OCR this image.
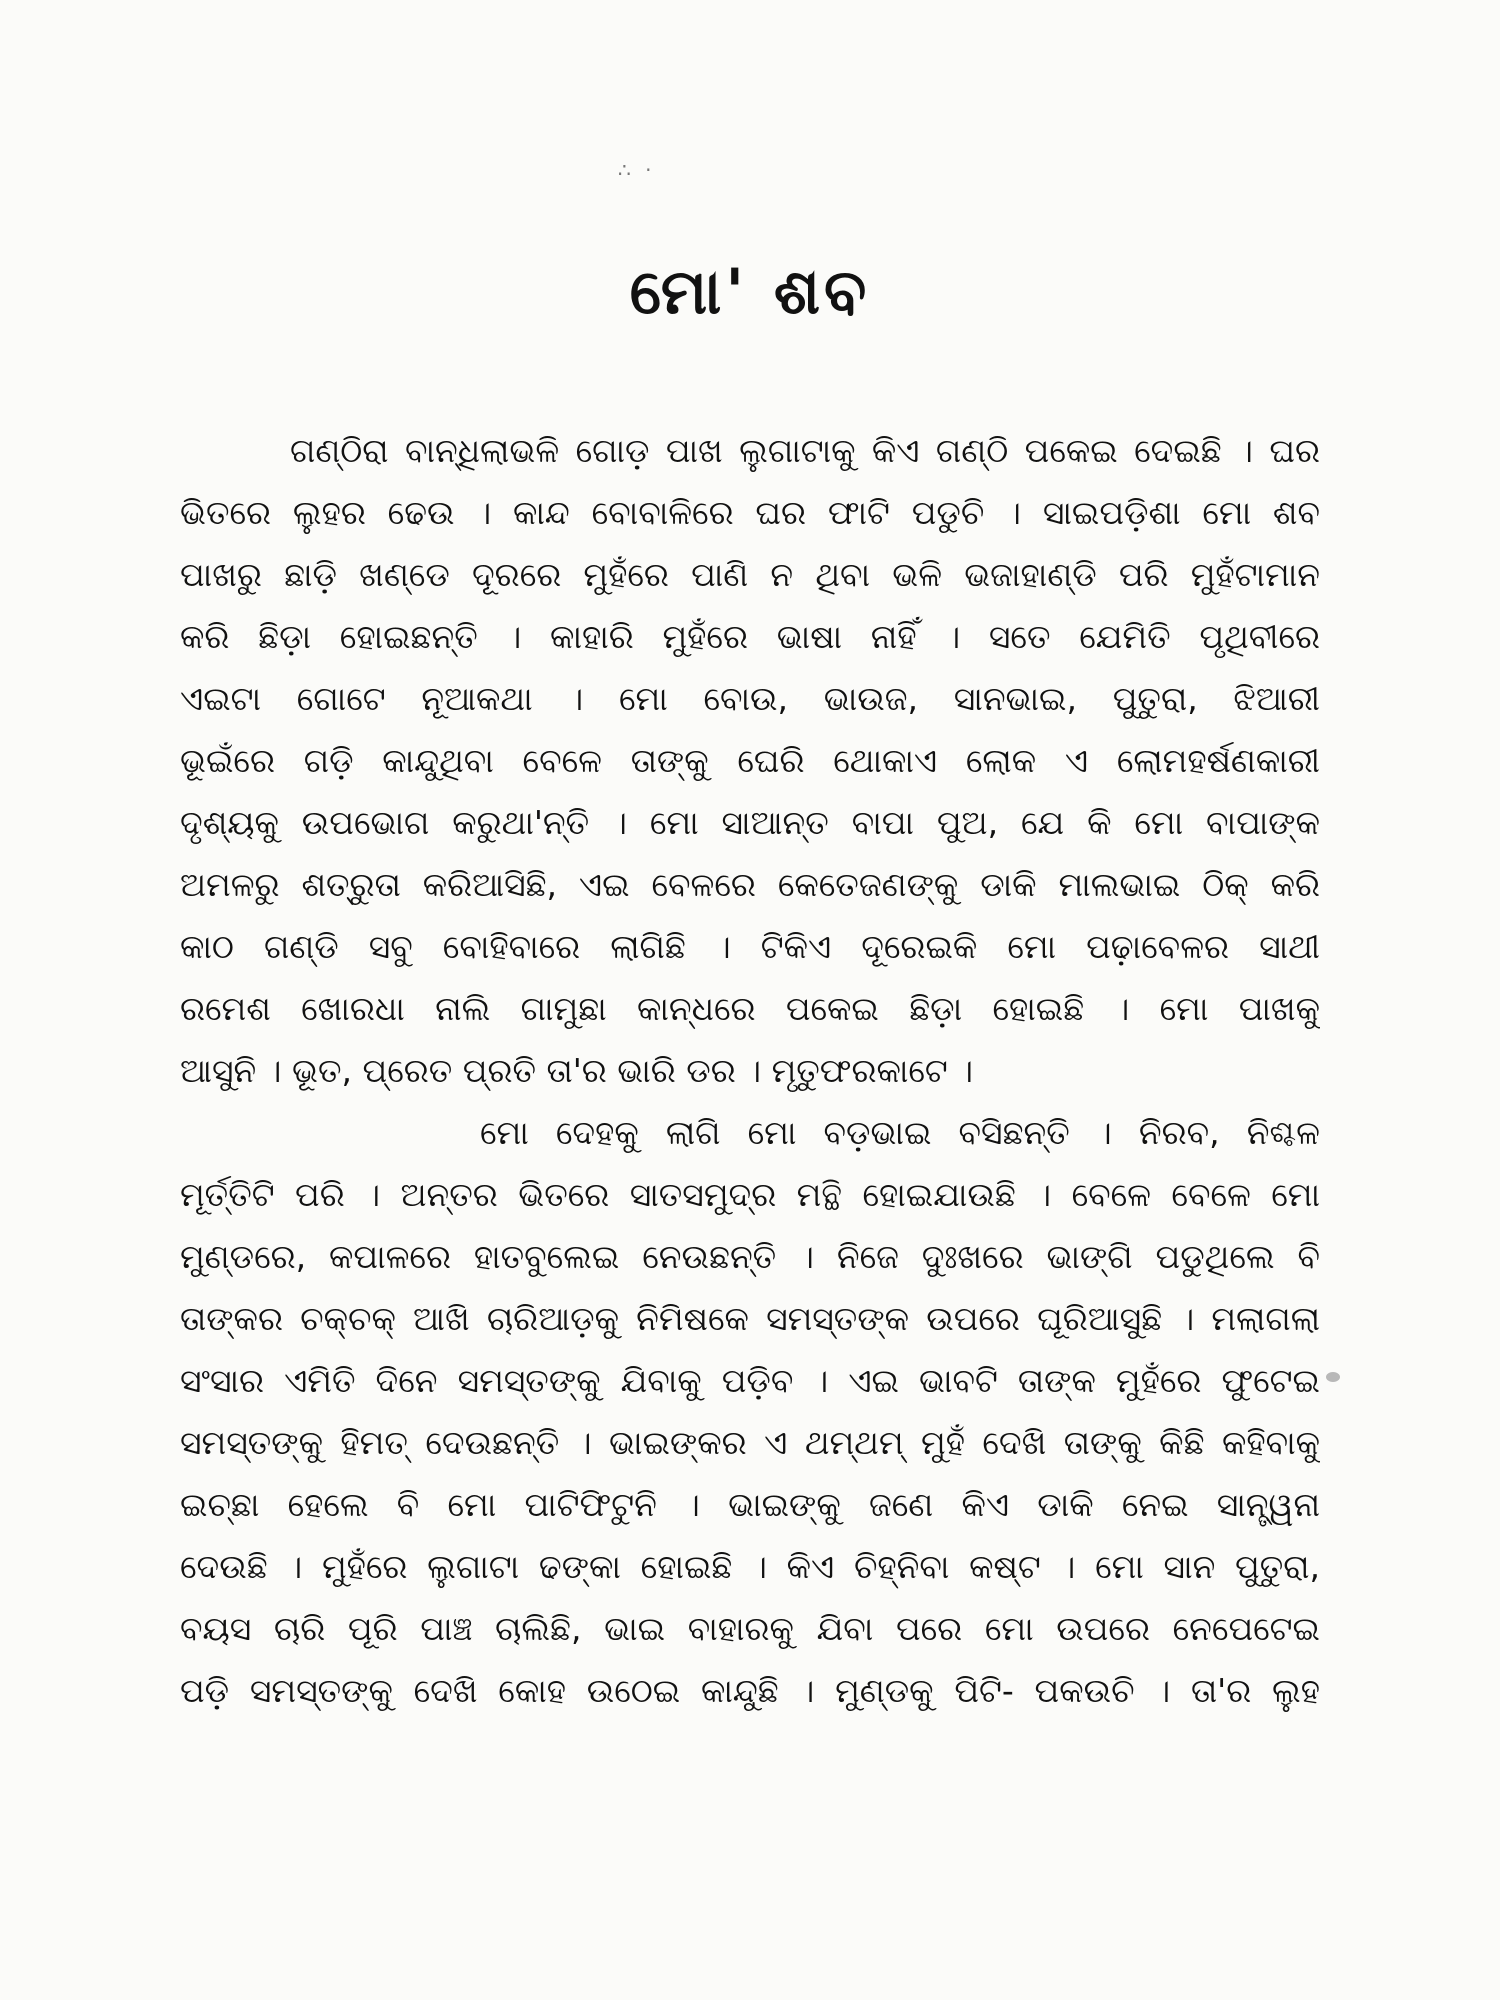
∴ ·
ମୋ' ଶବ
ଗଣ୍ଠିରା ବାନ୍ଧିଲାଭଳି ଗୋଡ଼ ପାଖ ଲୁଗାଟାକୁ କିଏ ଗଣ୍ଠି ପକେଇ ଦେଇଛି । ଘର
ଭିତରେ ଲୁହର ଢେଉ । କାନ୍ଦ ବୋବାଳିରେ ଘର ଫାଟି ପଡୁଚି । ସାଇପଡ଼ିଶା ମୋ ଶବ
ପାଖରୁ ଛାଡ଼ି ଖଣ୍ଡେ ଦୂରରେ ମୁହଁରେ ପାଣି ନ ଥିବା ଭଳି ଭଜାହାଣ୍ଡି ପରି ମୁହଁଟାମାନ
କରି ଛିଡ଼ା ହୋଇଛନ୍ତି । କାହାରି ମୁହଁରେ ଭାଷା ନାହିଁ । ସତେ ଯେମିତି ପୃଥିବୀରେ
ଏଇଟା ଗୋଟେ ନୂଆକଥା । ମୋ ବୋଉ, ଭାଉଜ, ସାନଭାଇ, ପୁତୁରା, ଝିଆରୀ
ଭୂଇଁରେ ଗଡ଼ି କାନ୍ଦୁଥିବା ବେଳେ ତାଙ୍କୁ ଘେରି ଥୋକାଏ ଲୋକ ଏ ଲୋମହର୍ଷଣକାରୀ
ଦୃଶ୍ୟକୁ ଉପଭୋଗ କରୁଥା'ନ୍ତି । ମୋ ସାଆନ୍ତ ବାପା ପୁଅ, ଯେ କି ମୋ ବାପାଙ୍କ
ଅମଳରୁ ଶତ୍ରୁତା କରିଆସିଛି, ଏଇ ବେଳରେ କେତେଜଣଙ୍କୁ ଡାକି ମାଲଭାଇ ଠିକ୍ କରି
କାଠ ଗଣ୍ଡି ସବୁ ବୋହିବାରେ ଲାଗିଛି । ଟିକିଏ ଦୂରେଇକି ମୋ ପଢ଼ାବେଳର ସାଥୀ
ରମେଶ ଖୋରଧା ନାଲି ଗାମୁଛା କାନ୍ଧରେ ପକେଇ ଛିଡ଼ା ହୋଇଛି । ମୋ ପାଖକୁ
ଆସୁନି । ଭୂତ, ପ୍ରେତ ପ୍ରତି ତା'ର ଭାରି ଡର । ମୃତୁଫରକାଟେ ।
ମୋ ଦେହକୁ ଲାଗି ମୋ ବଡ଼ଭାଇ ବସିଛନ୍ତି । ନିରବ, ନିଶ୍ଚଳ
ମୂର୍ତ୍ତିଟି ପରି । ଅନ୍ତର ଭିତରେ ସାତସମୁଦ୍ର ମନ୍ଥି ହୋଇଯାଉଛି । ବେଳେ ବେଳେ ମୋ
ମୁଣ୍ଡରେ, କପାଳରେ ହାତବୁଲେଇ ନେଉଛନ୍ତି । ନିଜେ ଦୁଃଖରେ ଭାଙ୍ଗି ପଡୁଥିଲେ ବି
ତାଙ୍କର ଚକ୍ଚକ୍ ଆଖି ଚାରିଆଡ଼କୁ ନିମିଷକେ ସମସ୍ତଙ୍କ ଉପରେ ଘୂରିଆସୁଛି । ମଲାଗଲା
ସଂସାର ଏମିତି ଦିନେ ସମସ୍ତଙ୍କୁ ଯିବାକୁ ପଡ଼ିବ । ଏଇ ଭାବଟି ତାଙ୍କ ମୁହଁରେ ଫୁଟେଇ
ସମସ୍ତଙ୍କୁ ହିମତ୍ ଦେଉଛନ୍ତି । ଭାଇଙ୍କର ଏ ଥମ୍ଥମ୍ ମୁହଁ ଦେଖି ତାଙ୍କୁ କିଛି କହିବାକୁ
ଇଚ୍ଛା ହେଲେ ବି ମୋ ପାଟିଫିଟୁନି । ଭାଇଙ୍କୁ ଜଣେ କିଏ ଡାକି ନେଇ ସାନ୍ତ୍ୱନା
ଦେଉଛି । ମୁହଁରେ ଲୁଗାଟା ଢଙ୍କା ହୋଇଛି । କିଏ ଚିହ୍ନିବା କଷ୍ଟ । ମୋ ସାନ ପୁତୁରା,
ବୟସ ଚାରି ପୂରି ପାଞ୍ଚ ଚାଲିଛି, ଭାଇ ବାହାରକୁ ଯିବା ପରେ ମୋ ଉପରେ ନେପେଟେଇ
ପଡ଼ି ସମସ୍ତଙ୍କୁ ଦେଖି କୋହ ଉଠେଇ କାନ୍ଦୁଛି । ମୁଣ୍ଡକୁ ପିଟି- ପକଉଚି । ତା'ର ଲୁହ
